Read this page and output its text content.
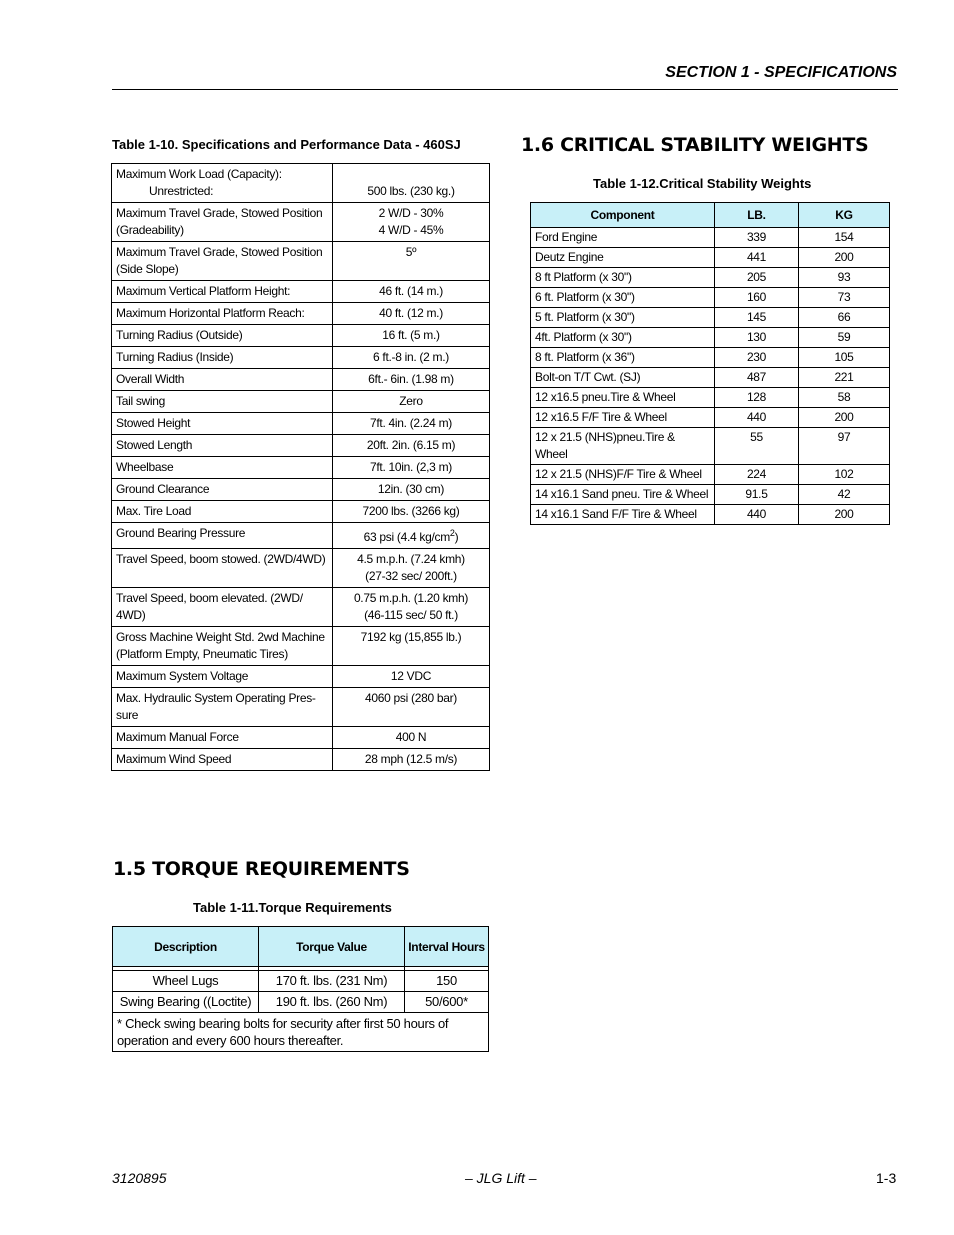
SECTION 1 - SPECIFICATIONS
Table 1-10. Specifications and Performance Data - 460SJ
Maximum Work Load (Capacity):
Unrestricted:	500 lbs. (230 kg.)

Maximum Travel Grade, Stowed Position (Gradeability)	2 W/D - 30%
4 W/D - 45%

Maximum Travel Grade, Stowed Position (Side Slope)	5º

Maximum Vertical Platform Height:	46 ft. (14 m.)

Maximum Horizontal Platform Reach:	40 ft. (12 m.)

Turning Radius (Outside)	16 ft. (5 m.)

Turning Radius (Inside)	6 ft.-8 in. (2 m.)

Overall Width	6ft.- 6in. (1.98 m)

Tail swing	Zero

Stowed Height	7ft. 4in. (2.24 m)

Stowed Length	20ft. 2in. (6.15 m)

Wheelbase	7ft. 10in. (2,3 m)

Ground Clearance	12in. (30 cm)

Max. Tire Load	7200 lbs. (3266 kg)

Ground Bearing Pressure	63 psi (4.4 $kg/cm^2$)

Travel Speed, boom stowed. (2WD/4WD)	4.5 m.p.h. (7.24 kmh)
(27-32 sec/ 200ft.)

Travel Speed, boom elevated. (2WD/ 4WD)	0.75 m.p.h. (1.20 kmh)
(46-115 sec/ 50 ft.)

Gross Machine Weight Std. 2wd Machine (Platform Empty, Pneumatic Tires)	7192 kg (15,855 lb.)

Maximum System Voltage	12 VDC

Max. Hydraulic System Operating Pres-sure	4060 psi (280 bar)

Maximum Manual Force	400 N

Maximum Wind Speed	28 mph (12.5 m/s)
1.5 TORQUE REQUIREMENTS
Table 1-11.Torque Requirements
Description	Torque Value	Interval Hours

Wheel Lugs	170 ft. lbs. (231 Nm)	150
Swing Bearing ((Loctite)	190 ft. lbs. (260 Nm)	50/600*
* Check swing bearing bolts for security after first 50 hours of operation and every 600 hours thereafter.		
1.6 CRITICAL STABILITY WEIGHTS
Table 1-12.Critical Stability Weights
Component	LB.	KG
Ford Engine	339	154
Deutz Engine	441	200
8 ft Platform (x 30")	205	93
6 ft. Platform (x 30")	160	73
5 ft. Platform (x 30")	145	66
4ft. Platform (x 30")	130	59
8 ft. Platform (x 36")	230	105
Bolt-on T/T Cwt. (SJ)	487	221
12 x16.5 pneu.Tire & Wheel	128	58
12 x16.5 F/F Tire & Wheel	440	200
12 x 21.5 (NHS)pneu.Tire & Wheel	55	97
12 x 21.5 (NHS)F/F Tire & Wheel	224	102
14 x16.1 Sand pneu. Tire & Wheel	91.5	42
14 x16.1 Sand F/F Tire & Wheel	440	200
3120895	– JLG Lift –	1-3
